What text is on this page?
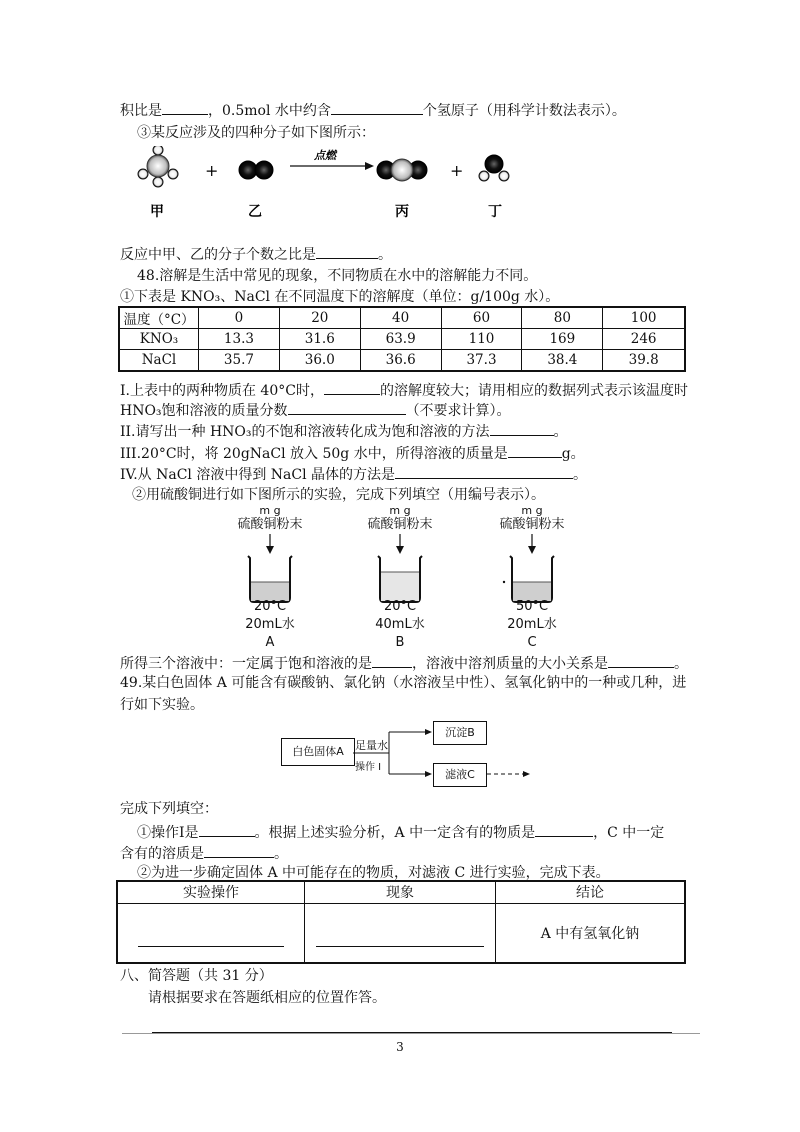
积比是	，0.5mol 水中约含	个氢原子（用科学计数法表示）。
③某反应涉及的四种分子如下图所示：
+
点燃
+
甲	乙	丙	丁
反应中甲、乙的分子个数之比是	。
48.溶解是生活中常见的现象，不同物质在水中的溶解能力不同。
①下表是 KNO₃、NaCl 在不同温度下的溶解度（单位：g/100g 水）。
温度（°C）	0	20	40	60	80	100
KNO₃	13.3	31.6	63.9	110	169	246
NaCl	35.7	36.0	36.6	37.3	38.4	39.8
I.上表中的两种物质在 40°C时，	的溶解度较大；请用相应的数据列式表示该温度时
HNO₃饱和溶液的质量分数	（不要求计算）。
II.请写出一种 HNO₃的不饱和溶液转化成为饱和溶液的方法	。
III.20°C时，将 20gNaCl 放入 50g 水中，所得溶液的质量是	g。
IV.从 NaCl 溶液中得到 NaCl 晶体的方法是	。
②用硫酸铜进行如下图所示的实验，完成下列填空（用编号表示）。
m g
硫酸铜粉末
20°C
20mL水
A
m g
硫酸铜粉末
20°C
40mL水
B
m g
硫酸铜粉末
50°C
20mL水
C
所得三个溶液中：一定属于饱和溶液的是	，溶液中溶剂质量的大小关系是	。
49.某白色固体 A 可能含有碳酸钠、氯化钠（水溶液呈中性）、氢氧化钠中的一种或几种，进
行如下实验。
白色固体A	足量水
操作 I
沉淀B
滤液C
完成下列填空：
①操作I是	。根据上述实验分析，A 中一定含有的物质是	，C 中一定
含有的溶质是	。
②为进一步确定固体 A 中可能存在的物质，对滤液 C 进行实验，完成下表。
实验操作	现象	结论
		A 中有氢氧化钠
八、简答题（共 31 分）
请根据要求在答题纸相应的位置作答。
3
